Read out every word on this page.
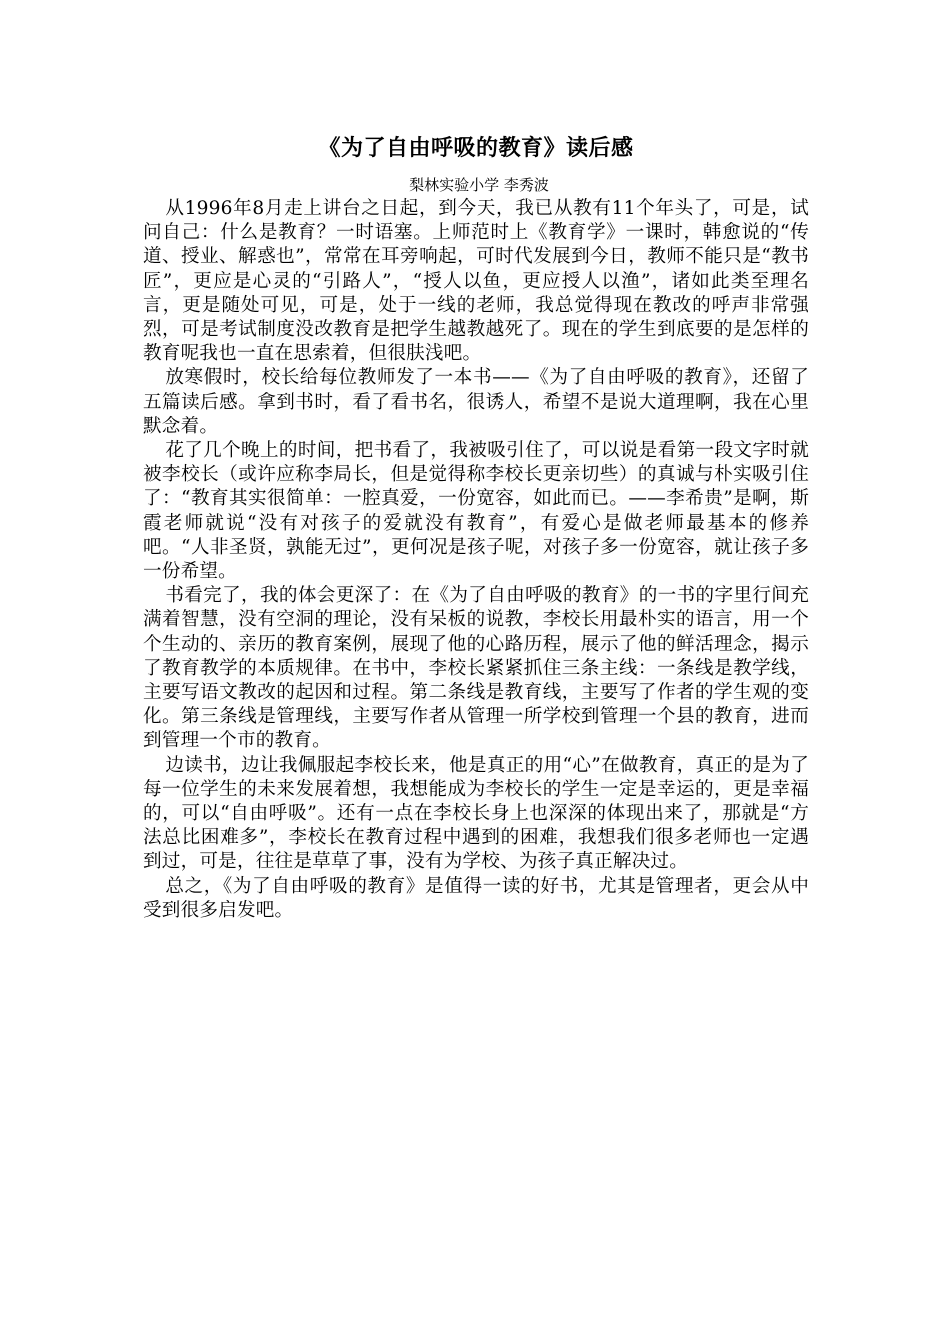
《为了自由呼吸的教育》读后感
梨林实验小学 李秀波

从1996年8月走上讲台之日起，到今天，我已从教有11个年头了，可是，试问自己：什么是教育？一时语塞。上师范时上《教育学》一课时，韩愈说的“传道、授业、解惑也”，常常在耳旁响起，可时代发展到今日，教师不能只是“教书匠”，更应是心灵的“引路人”，“授人以鱼，更应授人以渔”，诸如此类至理名言，更是随处可见，可是，处于一线的老师，我总觉得现在教改的呼声非常强烈，可是考试制度没改教育是把学生越教越死了。现在的学生到底要的是怎样的教育呢我也一直在思索着，但很肤浅吧。

放寒假时，校长给每位教师发了一本书——《为了自由呼吸的教育》，还留了五篇读后感。拿到书时，看了看书名，很诱人，希望不是说大道理啊，我在心里默念着。

花了几个晚上的时间，把书看了，我被吸引住了，可以说是看第一段文字时就被李校长（或许应称李局长，但是觉得称李校长更亲切些）的真诚与朴实吸引住了：“教育其实很简单：一腔真爱，一份宽容，如此而已。——李希贵”是啊，斯霞老师就说“没有对孩子的爱就没有教育”，有爱心是做老师最基本的修养吧。“人非圣贤，孰能无过”，更何况是孩子呢，对孩子多一份宽容，就让孩子多一份希望。

书看完了，我的体会更深了：在《为了自由呼吸的教育》的一书的字里行间充满着智慧，没有空洞的理论，没有呆板的说教，李校长用最朴实的语言，用一个个生动的、亲历的教育案例，展现了他的心路历程，展示了他的鲜活理念，揭示了教育教学的本质规律。在书中，李校长紧紧抓住三条主线：一条线是教学线，主要写语文教改的起因和过程。第二条线是教育线，主要写了作者的学生观的变化。第三条线是管理线，主要写作者从管理一所学校到管理一个县的教育，进而到管理一个市的教育。

边读书，边让我佩服起李校长来，他是真正的用“心”在做教育，真正的是为了每一位学生的未来发展着想，我想能成为李校长的学生一定是幸运的，更是幸福的，可以“自由呼吸”。还有一点在李校长身上也深深的体现出来了，那就是“方法总比困难多”，李校长在教育过程中遇到的困难，我想我们很多老师也一定遇到过，可是，往往是草草了事，没有为学校、为孩子真正解决过。

总之，《为了自由呼吸的教育》是值得一读的好书，尤其是管理者，更会从中受到很多启发吧。
